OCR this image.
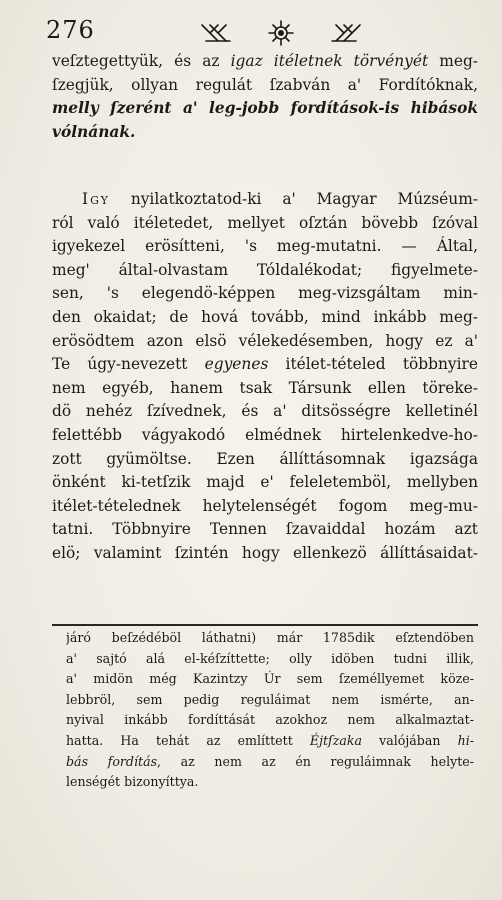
276
veſztegettyük, és az igaz itéletnek törvényét meg-
ſzegjük, ollyan regulát ſzabván a' Fordítóknak,
melly ſzerént a' leg-jobb fordítások-is hibások
vólnának.
Igy nyilatkoztatod-ki a' Magyar Múzséum-
ról való itéletedet, mellyet oſztán bövebb ſzóval
igyekezel erösítteni, 's meg-mutatni. — Által,
meg' által-olvastam Tóldalékodat; figyelmete-
sen, 's elegendö-képpen meg-vizsgáltam min-
den okaidat; de hová tovább, mind inkább meg-
erösödtem azon elsö vélekedésemben, hogy ez a'
Te úgy-nevezett egyenes itélet-tételed többnyire
nem egyéb, hanem tsak Társunk ellen töreke-
dö nehéz ſzívednek, és a' ditsösségre kelletinél
felettébb vágyakodó elmédnek hirtelenkedve-ho-
zott gyümöltse. Ezen állíttásomnak igazsága
önként ki-tetſzik majd e' feleletemböl, mellyben
itélet-tételednek helytelenségét fogom meg-mu-
tatni. Többnyire Tennen ſzavaiddal hozám azt
elö; valamint ſzintén hogy ellenkezö állíttásaidat-
járó beſzédéböl láthatni) már 1785dik eſztendöben
a' sajtó alá el-kéſzíttette; olly idöben tudni illik,
a' midön még Kazintzy Úr sem ſzeméllyemet köze-
lebbröl, sem pedig reguláimat nem ismérte, an-
nyival inkább fordíttását azokhoz nem alkalmaztat-
hatta. Ha tehát az említtett Éjtſzaka valójában hi-
bás fordítás, az nem az én reguláimnak helyte-
lenségét bizonyíttya.
